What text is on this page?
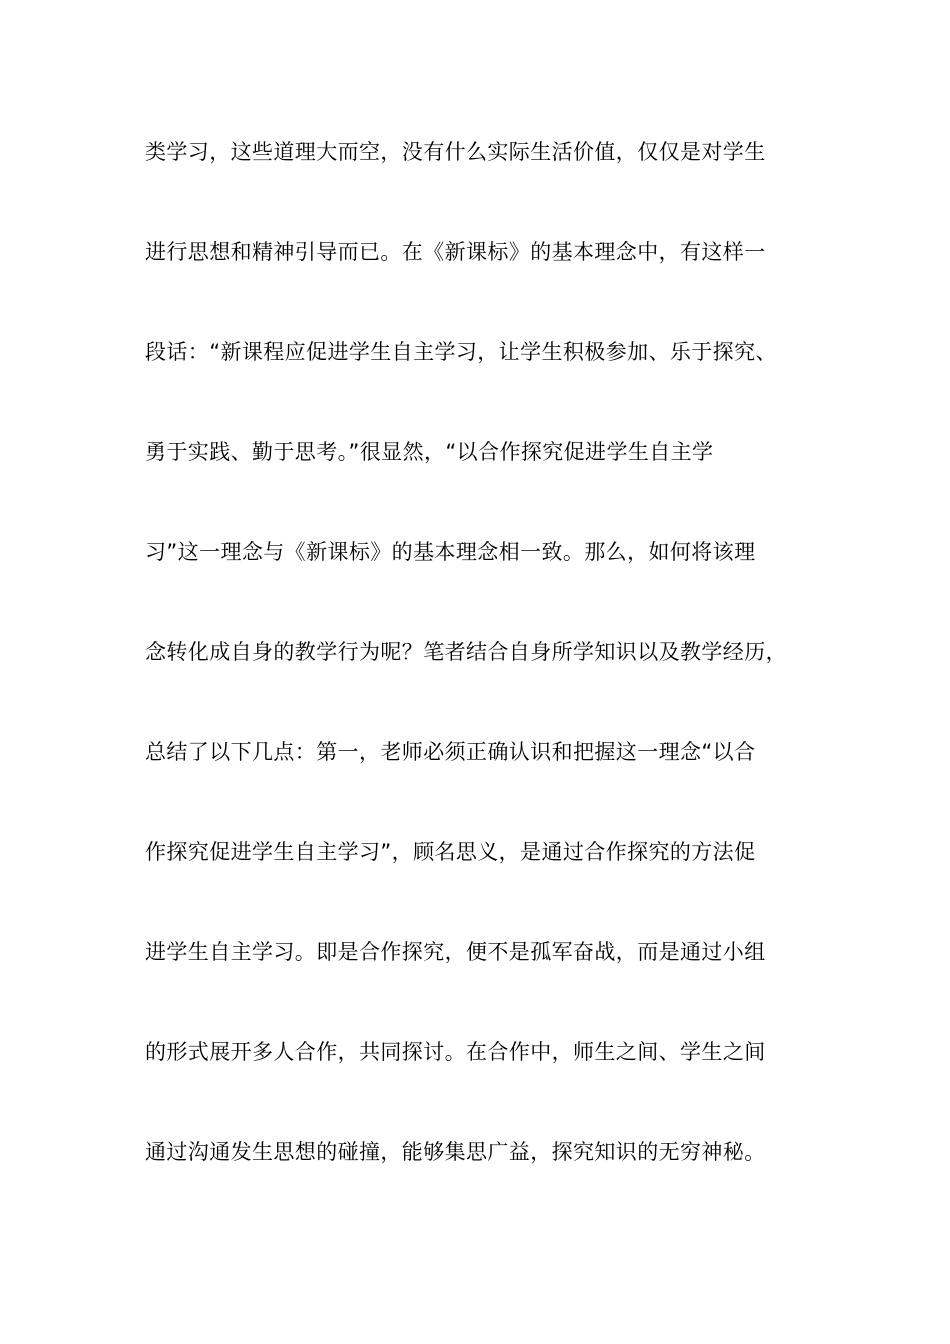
类学习，这些道理大而空，没有什么实际生活价值，仅仅是对学生
进行思想和精神引导而已。在《新课标》的基本理念中，有这样一
段话：“新课程应促进学生自主学习，让学生积极参加、乐于探究、
勇于实践、勤于思考。”很显然，“以合作探究促进学生自主学
习”这一理念与《新课标》的基本理念相一致。那么，如何将该理
念转化成自身的教学行为呢？笔者结合自身所学知识以及教学经历，
总结了以下几点：第一，老师必须正确认识和把握这一理念“以合
作探究促进学生自主学习”，顾名思义，是通过合作探究的方法促
进学生自主学习。即是合作探究，便不是孤军奋战，而是通过小组
的形式展开多人合作，共同探讨。在合作中，师生之间、学生之间
通过沟通发生思想的碰撞，能够集思广益，探究知识的无穷神秘。
